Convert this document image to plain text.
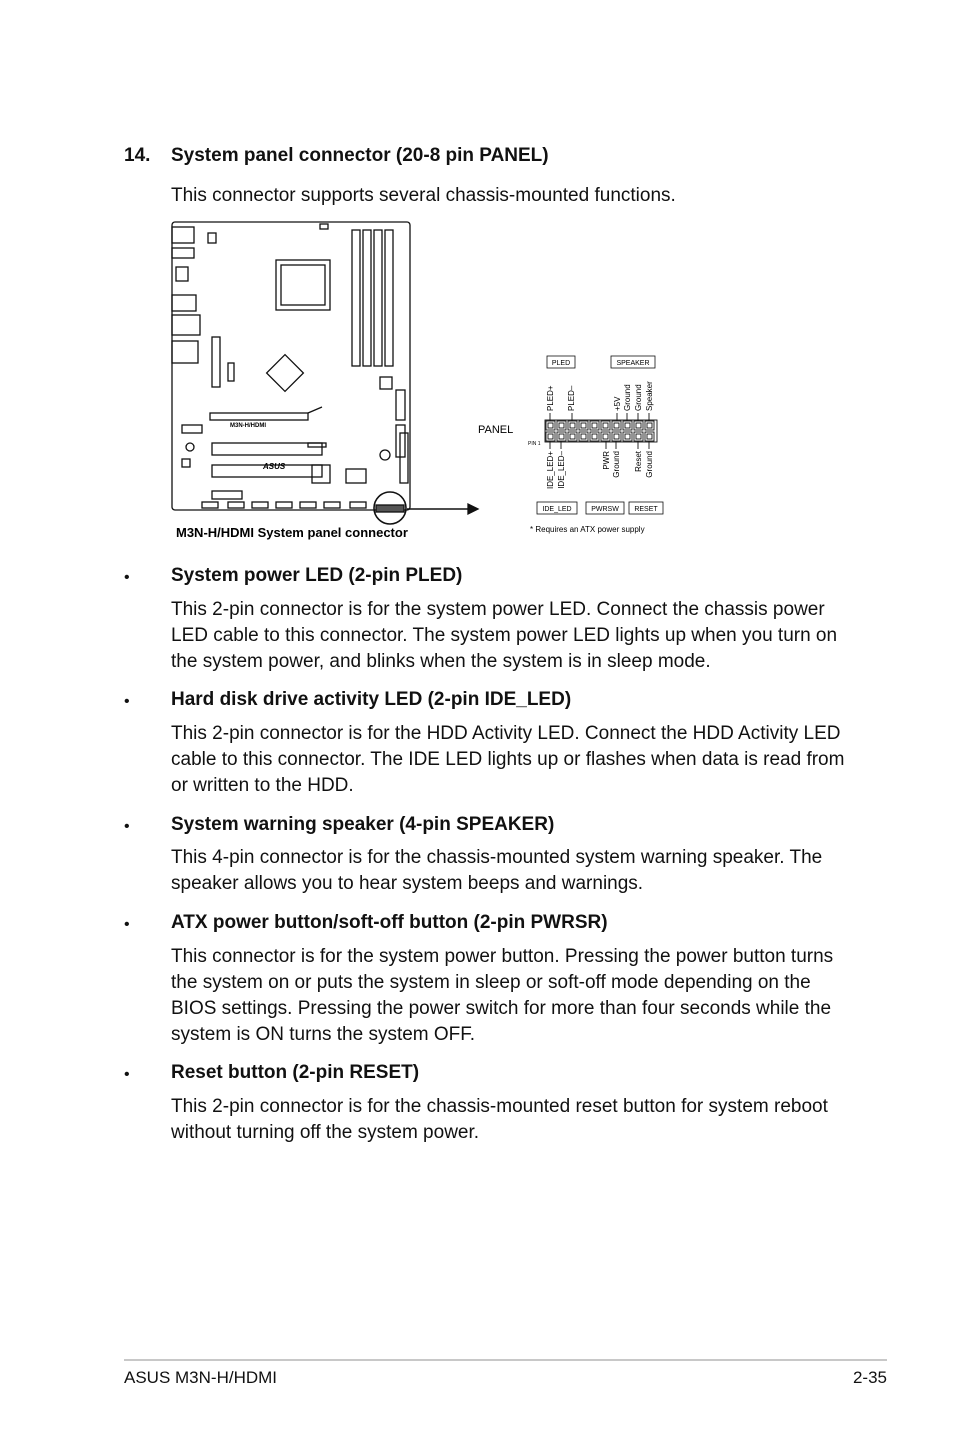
14. System panel connector (20-8 pin PANEL)
This connector supports several chassis-mounted functions.
M3N-H/HDMI
ASUS
M3N-H/HDMI System panel connector
PANEL
PIN 1
PLED	SPEAKER
PLED+ PLED–	+5V Ground Ground Speaker
IDE_LED+ IDE_LED–	PWR Ground Reset Ground
IDE_LED	PWRSW RESET
* Requires an ATX power supply
• System power LED (2-pin PLED)
This 2-pin connector is for the system power LED. Connect the chassis power LED cable to this connector. The system power LED lights up when you turn on the system power, and blinks when the system is in sleep mode.
• Hard disk drive activity LED (2-pin IDE_LED)
This 2-pin connector is for the HDD Activity LED. Connect the HDD Activity LED cable to this connector. The IDE LED lights up or flashes when data is read from or written to the HDD.
• System warning speaker (4-pin SPEAKER)
This 4-pin connector is for the chassis-mounted system warning speaker. The speaker allows you to hear system beeps and warnings.
• ATX power button/soft-off button (2-pin PWRSR)
This connector is for the system power button. Pressing the power button turns the system on or puts the system in sleep or soft-off mode depending on the BIOS settings. Pressing the power switch for more than four seconds while the system is ON turns the system OFF.
• Reset button (2-pin RESET)
This 2-pin connector is for the chassis-mounted reset button for system reboot without turning off the system power.
ASUS M3N-H/HDMI	2-35
